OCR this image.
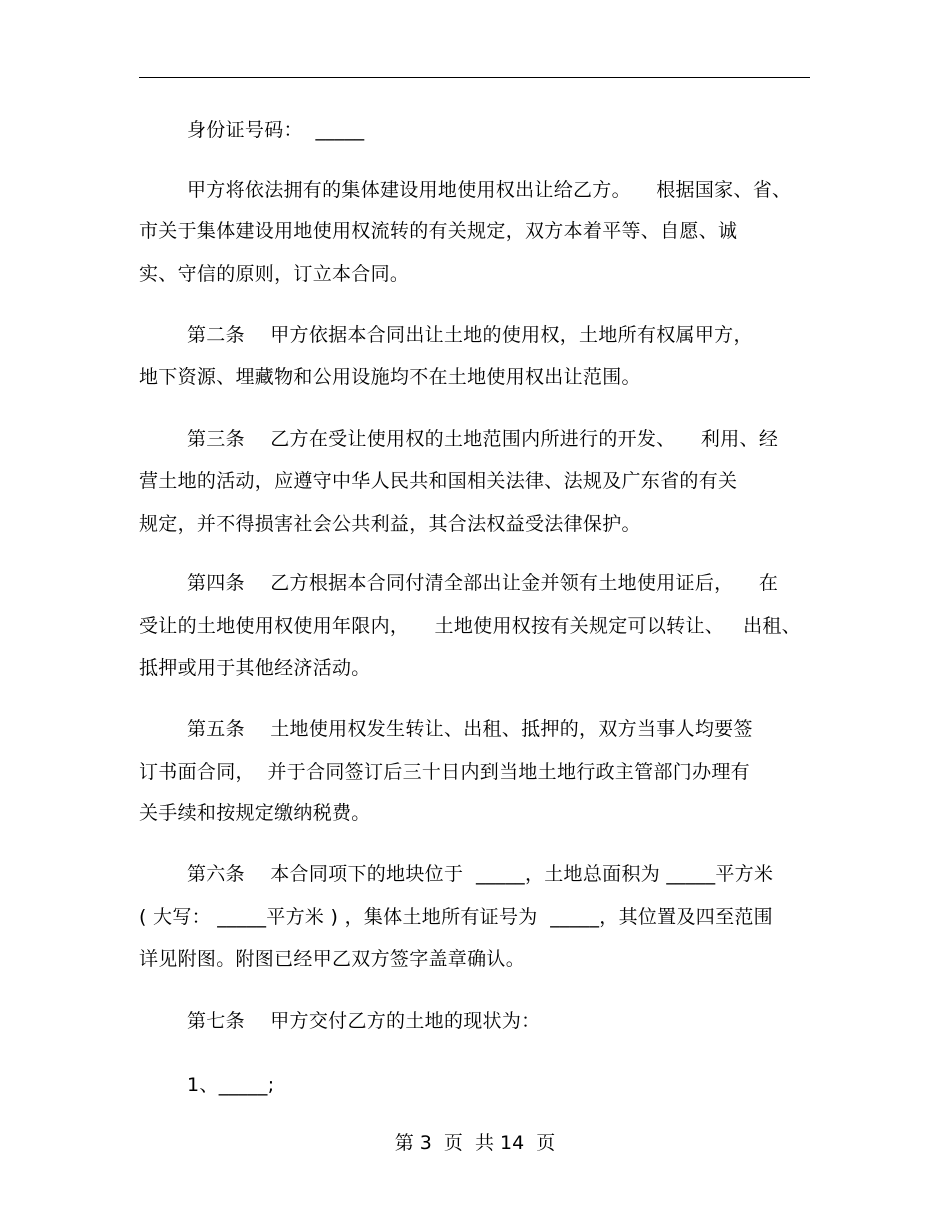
身份证号码：  _____
甲方将依法拥有的集体建设用地使用权出让给乙方。    根据国家、省、
市关于集体建设用地使用权流转的有关规定，双方本着平等、自愿、诚
实、守信的原则，订立本合同。
第二条    甲方依据本合同出让土地的使用权，土地所有权属甲方，
地下资源、埋藏物和公用设施均不在土地使用权出让范围。
第三条    乙方在受让使用权的土地范围内所进行的开发、    利用、经
营土地的活动，应遵守中华人民共和国相关法律、法规及广东省的有关
规定，并不得损害社会公共利益，其合法权益受法律保护。
第四条    乙方根据本合同付清全部出让金并领有土地使用证后，    在
受让的土地使用权使用年限内，    土地使用权按有关规定可以转让、   出租、
抵押或用于其他经济活动。
第五条    土地使用权发生转让、出租、抵押的，双方当事人均要签
订书面合同，  并于合同签订后三十日内到当地土地行政主管部门办理有
关手续和按规定缴纳税费。
第六条    本合同项下的地块位于  _____，土地总面积为 _____平方米
( 大写： _____平方米 ) ，集体土地所有证号为  _____，其位置及四至范围
详见附图。附图已经甲乙双方签字盖章确认。
第七条    甲方交付乙方的土地的现状为：
1、_____;
第 3  页  共 14  页
